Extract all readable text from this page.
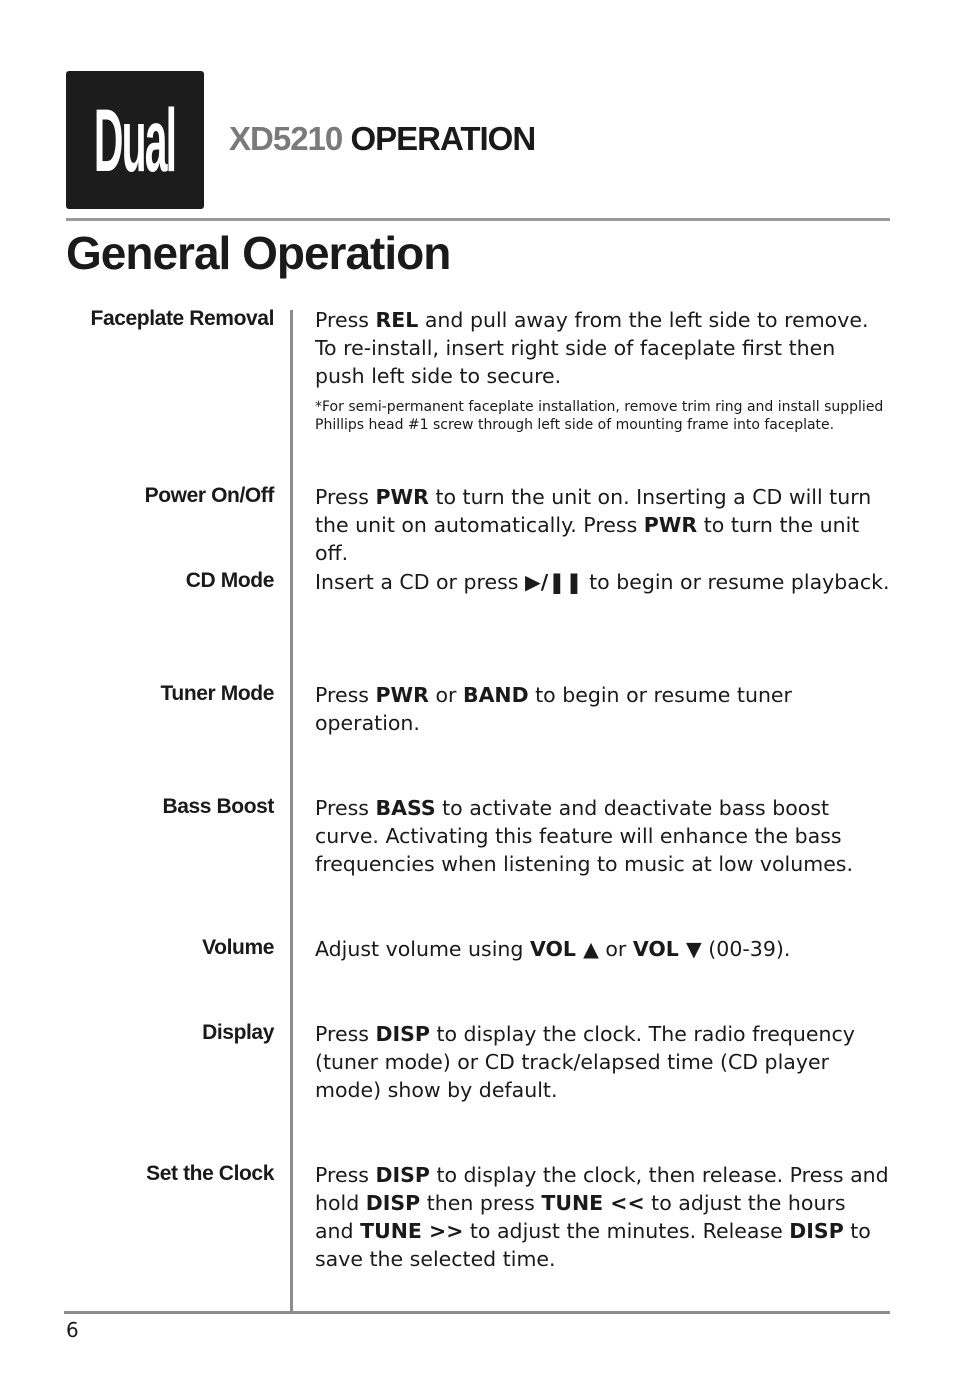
Dual XD5210 OPERATION
General Operation
Faceplate Removal Press REL and pull away from the left side to remove. To re-install, insert right side of faceplate first then push left side to secure.
*For semi-permanent faceplate installation, remove trim ring and install supplied Phillips head #1 screw through left side of mounting frame into faceplate.
Power On/Off Press PWR to turn the unit on. Inserting a CD will turn the unit on automatically. Press PWR to turn the unit off.
CD Mode Insert a CD or press ▶/❚❚ to begin or resume playback.
Tuner Mode Press PWR or BAND to begin or resume tuner operation.
Bass Boost Press BASS to activate and deactivate bass boost curve. Activating this feature will enhance the bass frequencies when listening to music at low volumes.
Volume Adjust volume using VOL ▲ or VOL ▼ (00-39).
Display Press DISP to display the clock. The radio frequency (tuner mode) or CD track/elapsed time (CD player mode) show by default.
Set the Clock Press DISP to display the clock, then release. Press and hold DISP then press TUNE << to adjust the hours and TUNE >> to adjust the minutes. Release DISP to save the selected time.
6
